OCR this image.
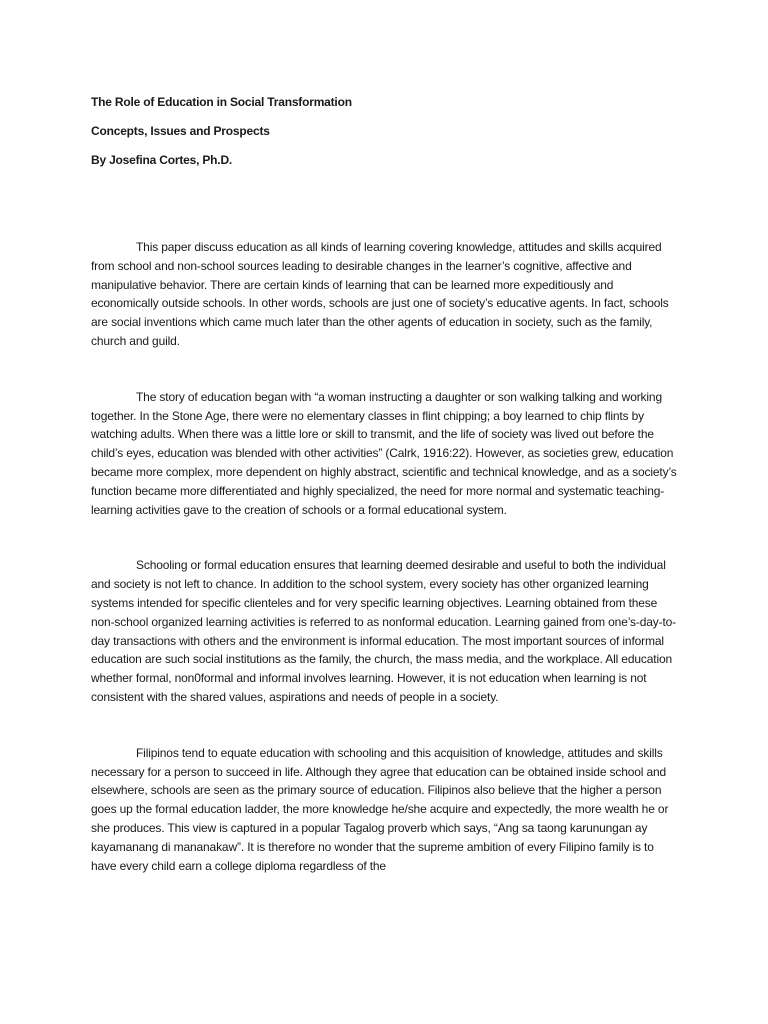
The Role of Education in Social Transformation

Concepts, Issues and Prospects

By Josefina Cortes, Ph.D.

This paper discuss education as all kinds of learning covering knowledge, attitudes and skills acquired from school and non-school sources leading to desirable changes in the learner’s cognitive, affective and manipulative behavior. There are certain kinds of learning that can be learned more expeditiously and economically outside schools. In other words, schools are just one of society’s educative agents. In fact, schools are social inventions which came much later than the other agents of education in society, such as the family, church and guild.

The story of education began with “a woman instructing a daughter or son walking talking and working together. In the Stone Age, there were no elementary classes in flint chipping; a boy learned to chip flints by watching adults. When there was a little lore or skill to transmit, and the life of society was lived out before the child’s eyes, education was blended with other activities” (Calrk, 1916:22). However, as societies grew, education became more complex, more dependent on highly abstract, scientific and technical knowledge, and as a society’s function became more differentiated and highly specialized, the need for more normal and systematic teaching-learning activities gave to the creation of schools or a formal educational system.

Schooling or formal education ensures that learning deemed desirable and useful to both the individual and society is not left to chance. In addition to the school system, every society has other organized learning systems intended for specific clienteles and for very specific learning objectives. Learning obtained from these non-school organized learning activities is referred to as nonformal education. Learning gained from one’s-day-to-day transactions with others and the environment is informal education. The most important sources of informal education are such social institutions as the family, the church, the mass media, and the workplace. All education whether formal, non0formal and informal involves learning. However, it is not education when learning is not consistent with the shared values, aspirations and needs of people in a society.

Filipinos tend to equate education with schooling and this acquisition of knowledge, attitudes and skills necessary for a person to succeed in life. Although they agree that education can be obtained inside school and elsewhere, schools are seen as the primary source of education. Filipinos also believe that the higher a person goes up the formal education ladder, the more knowledge he/she acquire and expectedly, the more wealth he or she produces. This view is captured in a popular Tagalog proverb which says, “Ang sa taong karunungan ay kayamanang di mananakaw”. It is therefore no wonder that the supreme ambition of every Filipino family is to have every child earn a college diploma regardless of the
